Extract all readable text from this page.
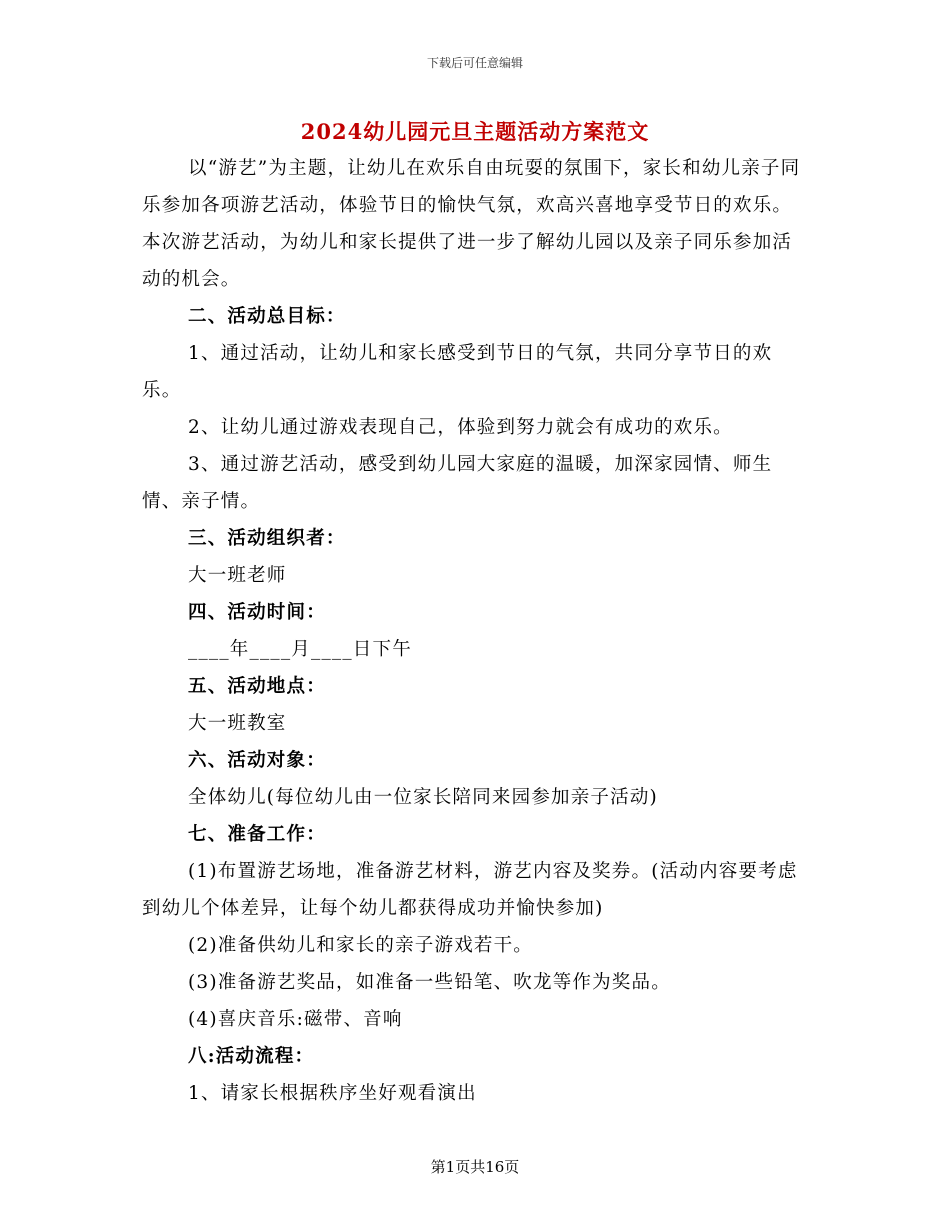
下载后可任意编辑
2024幼儿园元旦主题活动方案范文

以“游艺”为主题，让幼儿在欢乐自由玩耍的氛围下，家长和幼儿亲子同乐参加各项游艺活动，体验节日的愉快气氛，欢高兴喜地享受节日的欢乐。本次游艺活动，为幼儿和家长提供了进一步了解幼儿园以及亲子同乐参加活动的机会。

二、活动总目标：

1、通过活动，让幼儿和家长感受到节日的气氛，共同分享节日的欢乐。

2、让幼儿通过游戏表现自己，体验到努力就会有成功的欢乐。

3、通过游艺活动，感受到幼儿园大家庭的温暖，加深家园情、师生情、亲子情。

三、活动组织者：

大一班老师

四、活动时间：

____年____月____日下午

五、活动地点：

大一班教室

六、活动对象：

全体幼儿(每位幼儿由一位家长陪同来园参加亲子活动)

七、准备工作：

(1)布置游艺场地，准备游艺材料，游艺内容及奖券。(活动内容要考虑到幼儿个体差异，让每个幼儿都获得成功并愉快参加)

(2)准备供幼儿和家长的亲子游戏若干。

(3)准备游艺奖品，如准备一些铅笔、吹龙等作为奖品。

(4)喜庆音乐:磁带、音响

八:活动流程：

1、请家长根据秩序坐好观看演出

第1页共16页
